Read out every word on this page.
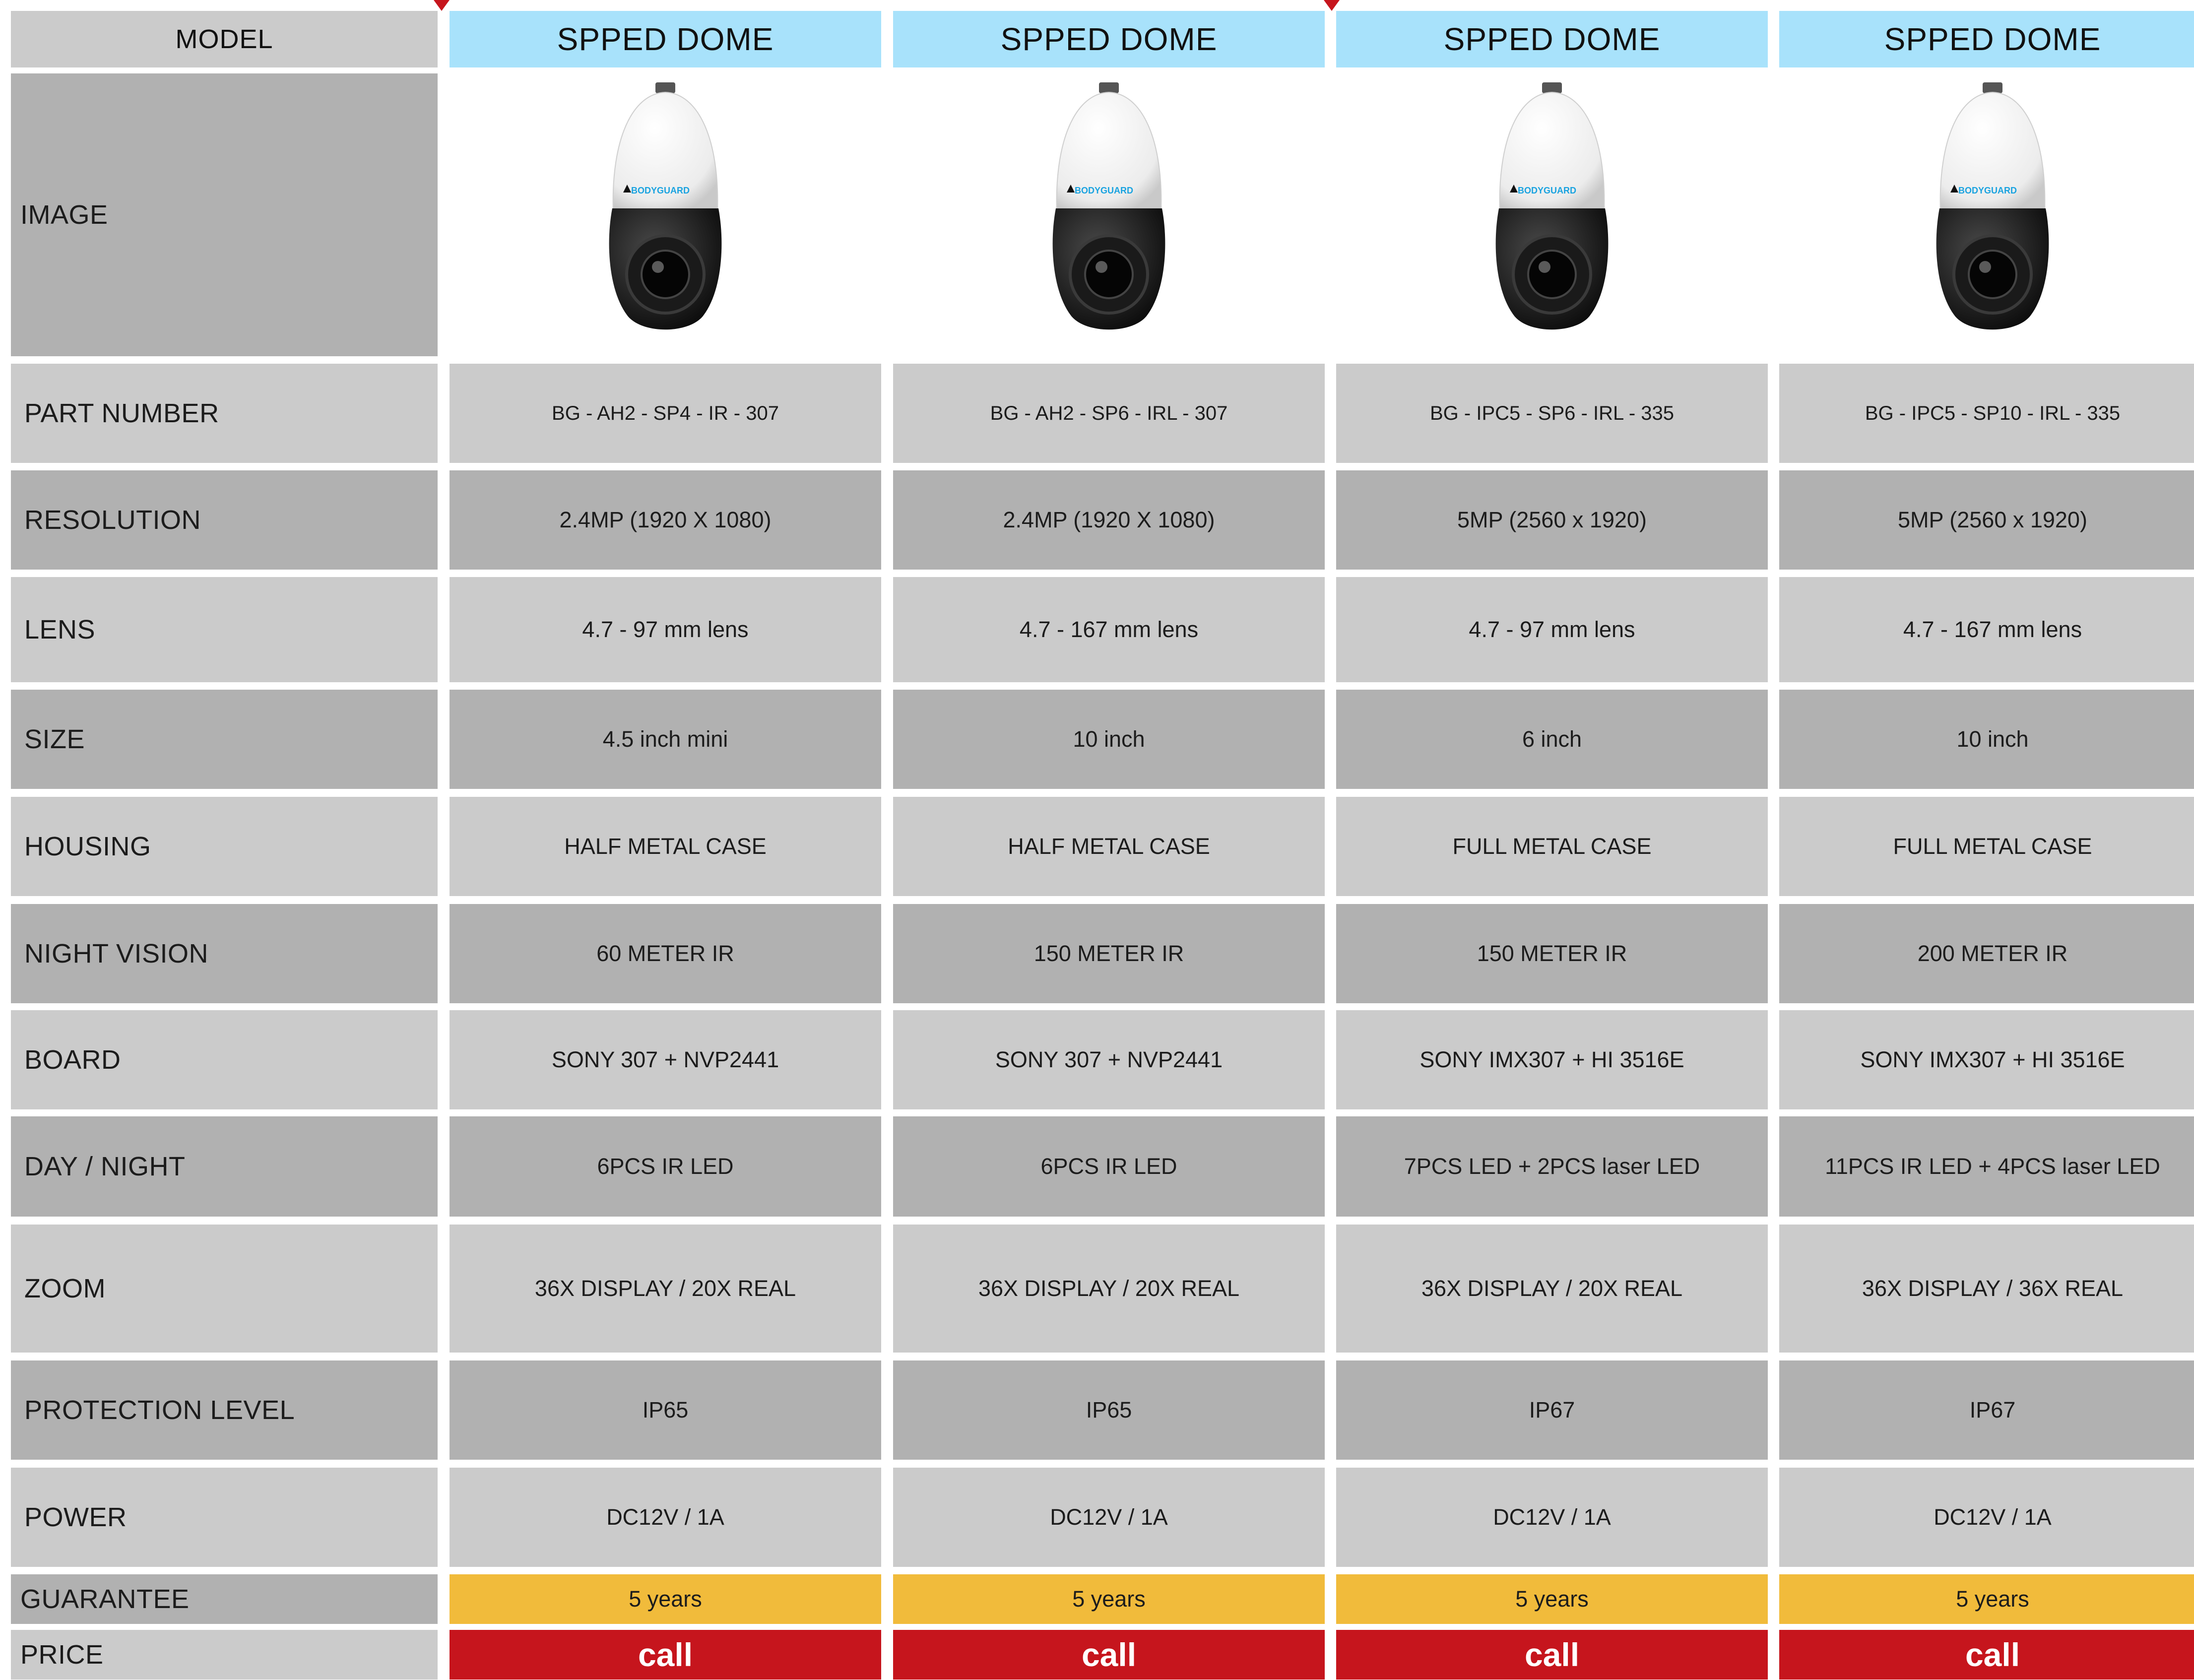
MODEL	SPPED DOME	SPPED DOME	SPPED DOME	SPPED DOME
IMAGE
BODYGUARD	BODYGUARD	BODYGUARD	BODYGUARD
PART NUMBER	BG - AH2 - SP4 - IR - 307	BG - AH2 - SP6 - IRL - 307	BG - IPC5 - SP6 - IRL - 335	BG - IPC5 - SP10 - IRL - 335
RESOLUTION	2.4MP (1920 X 1080)	2.4MP (1920 X 1080)	5MP (2560 x 1920)	5MP (2560 x 1920)
LENS	4.7 - 97 mm lens	4.7 - 167 mm lens	4.7 - 97 mm lens	4.7 - 167 mm lens
SIZE	4.5 inch mini	10 inch	6 inch	10 inch
HOUSING	HALF METAL CASE	HALF METAL CASE	FULL METAL CASE	FULL METAL CASE
NIGHT VISION	60 METER IR	150 METER IR	150 METER IR	200 METER IR
BOARD	SONY 307 + NVP2441	SONY 307 + NVP2441	SONY IMX307 + HI 3516E	SONY IMX307 + HI 3516E
DAY / NIGHT	6PCS IR LED	6PCS IR LED	7PCS LED + 2PCS laser LED	11PCS IR LED + 4PCS laser LED
ZOOM	36X DISPLAY / 20X REAL	36X DISPLAY / 20X REAL	36X DISPLAY / 20X REAL	36X DISPLAY / 36X REAL
PROTECTION LEVEL	IP65	IP65	IP67	IP67
POWER	DC12V / 1A	DC12V / 1A	DC12V / 1A	DC12V / 1A
GUARANTEE	5 years	5 years	5 years	5 years
PRICE	call	call	call	call
